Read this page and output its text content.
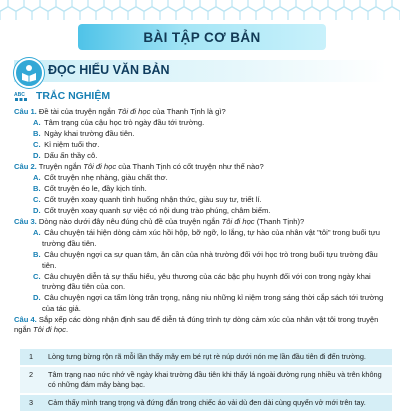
BÀI TẬP CƠ BẢN
ĐỌC HIỂU VĂN BẢN
ABC TRẮC NGHIỆM
Câu 1. Đề tài của truyện ngắn Tôi đi học của Thanh Tịnh là gì?
A. Tâm trạng của cậu học trò ngày đầu tới trường.
B. Ngày khai trường đầu tiên.
C. Kỉ niệm tuổi thơ.
D. Dấu ấn thầy cô.
Câu 2. Truyện ngắn Tôi đi học của Thanh Tịnh có cốt truyện như thế nào?
A. Cốt truyện nhẹ nhàng, giàu chất thơ.
B. Cốt truyện éo le, đầy kịch tính.
C. Cốt truyện xoay quanh tình huống nhận thức, giàu suy tư, triết lí.
D. Cốt truyện xoay quanh sự việc có nội dung trào phúng, châm biếm.
Câu 3. Dòng nào dưới đây nêu đúng chủ đề của truyện ngắn Tôi đi học (Thanh Tịnh)?
A. Câu chuyện tái hiện dòng cảm xúc hồi hộp, bỡ ngỡ, lo lắng, tự hào của nhân vật "tôi" trong buổi tựu trường đầu tiên.
B. Câu chuyện ngợi ca sự quan tâm, ân cần của nhà trường đối với học trò trong buổi tựu trường đầu tiên.
C. Câu chuyện diễn tả sự thấu hiểu, yêu thương của các bậc phụ huynh đối với con trong ngày khai trường đầu tiên của con.
D. Câu chuyện ngợi ca tấm lòng trân trọng, nâng niu những kỉ niệm trong sáng thời cắp sách tới trường của tác giả.
Câu 4. Sắp xếp các dòng nhận định sau để diễn tả đúng trình tự dòng cảm xúc của nhân vật tôi trong truyện ngắn Tôi đi học.
1	Lòng tưng bừng rộn rã mỗi lần thấy mây em bé rụt rè núp dưới nón mẹ lần đầu tiên đi đến trường.
2	Tâm trạng nao nức nhớ về ngày khai trường đầu tiên khi thấy lá ngoài đường rụng nhiều và trên không có những đám mây bàng bạc.
3	Cảm thấy mình trang trọng và đứng đắn trong chiếc áo vải dù đen dài cùng quyển vở mới trên tay.
